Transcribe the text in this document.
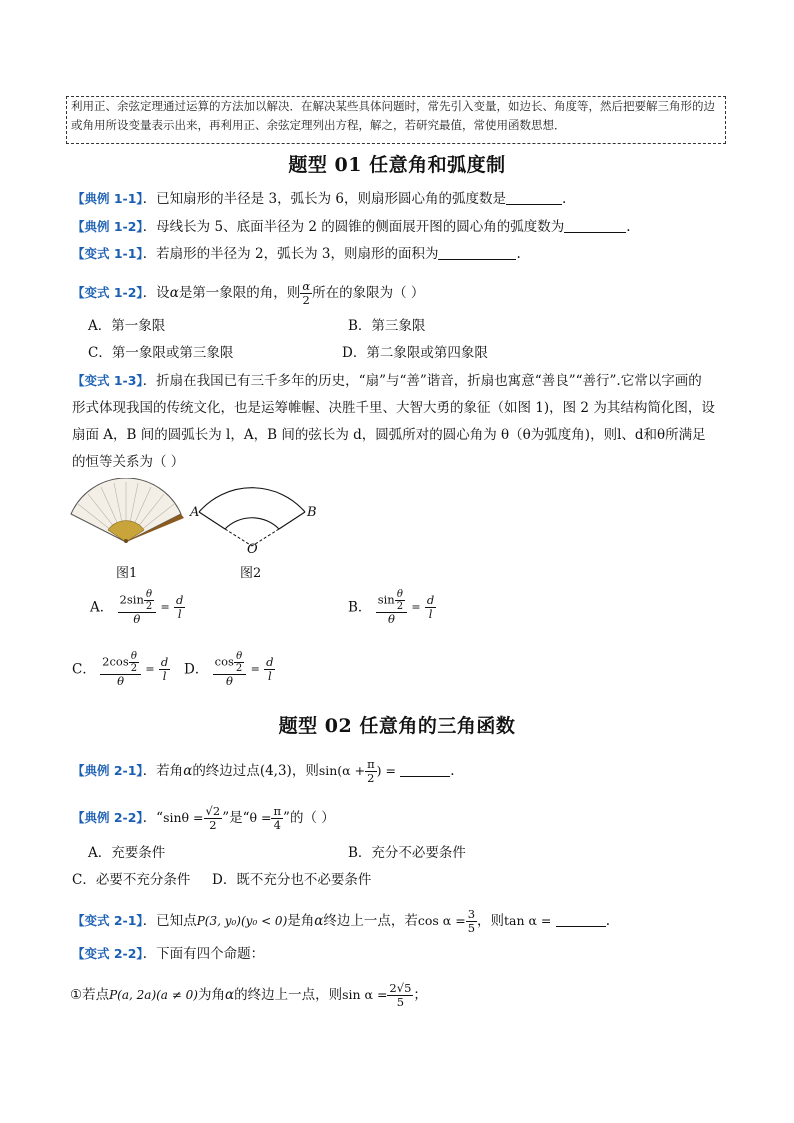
利用正、余弦定理通过运算的方法加以解决．在解决某些具体问题时，常先引入变量，如边长、角度等，然后把要解三角形的边或角用所设变量表示出来，再利用正、余弦定理列出方程，解之，若研究最值，常使用函数思想．
题型 01 任意角和弧度制
【典例 1-1】．已知扇形的半径是 3，弧长为 6，则扇形圆心角的弧度数是	.
【典例 1-2】．母线长为 5、底面半径为 2 的圆锥的侧面展开图的圆心角的弧度数为	.
【变式 1-1】．若扇形的半径为 2，弧长为 3，则扇形的面积为	.
【变式 1-2】．设α是第一象限的角，则 $\frac{\alpha}{2}$ 所在的象限为（ ）
A．第一象限	B．第三象限
C．第一象限或第三象限	D．第二象限或第四象限
【变式 1-3】．折扇在我国已有三千多年的历史，“扇”与“善”谐音，折扇也寓意“善良”“善行”.它常以字画的
形式体现我国的传统文化，也是运筹帷幄、决胜千里、大智大勇的象征（如图 1)，图 2 为其结构简化图，设
扇面 A，B 间的圆弧长为 l，A，B 间的弦长为 d，圆弧所对的圆心角为 θ（θ为弧度角)，则l、d和θ所满足
的恒等关系为（ ）
A	B
O
图1	图2
A． $\frac{2\sin \frac{\theta}{2}}{\theta} = \frac{d}{l}$	B． $\frac{\sin \frac{\theta}{2}}{\theta} = \frac{d}{l}$
C． $\frac{2\cos \frac{\theta}{2}}{\theta} = \frac{d}{l}$ D． $\frac{\cos \frac{\theta}{2}}{\theta} = \frac{d}{l}$
题型 02 任意角的三角函数
【典例 2-1】．若角α的终边过点(4,3)，则$\sin(\alpha + \frac{\pi}{2}$ ) =	.
【典例 2-2】．“$\sin\theta = \frac{√2}{2}$ ”是“$\theta = \frac{\pi}{4}$ ”的（ ）
A．充要条件	B．充分不必要条件
C．必要不充分条件 D．既不充分也不必要条件
【变式 2-1】．已知点P(3, y₀)(y₀ < 0)是角α终边上一点，若$\cos \alpha = \frac{3}{5}$ ，则tan α =	.
【变式 2-2】．下面有四个命题：
①若点P(a, 2a)(a ≠ 0)为角α的终边上一点，则$\sin \alpha = \frac{2√5}{5}$ ；
